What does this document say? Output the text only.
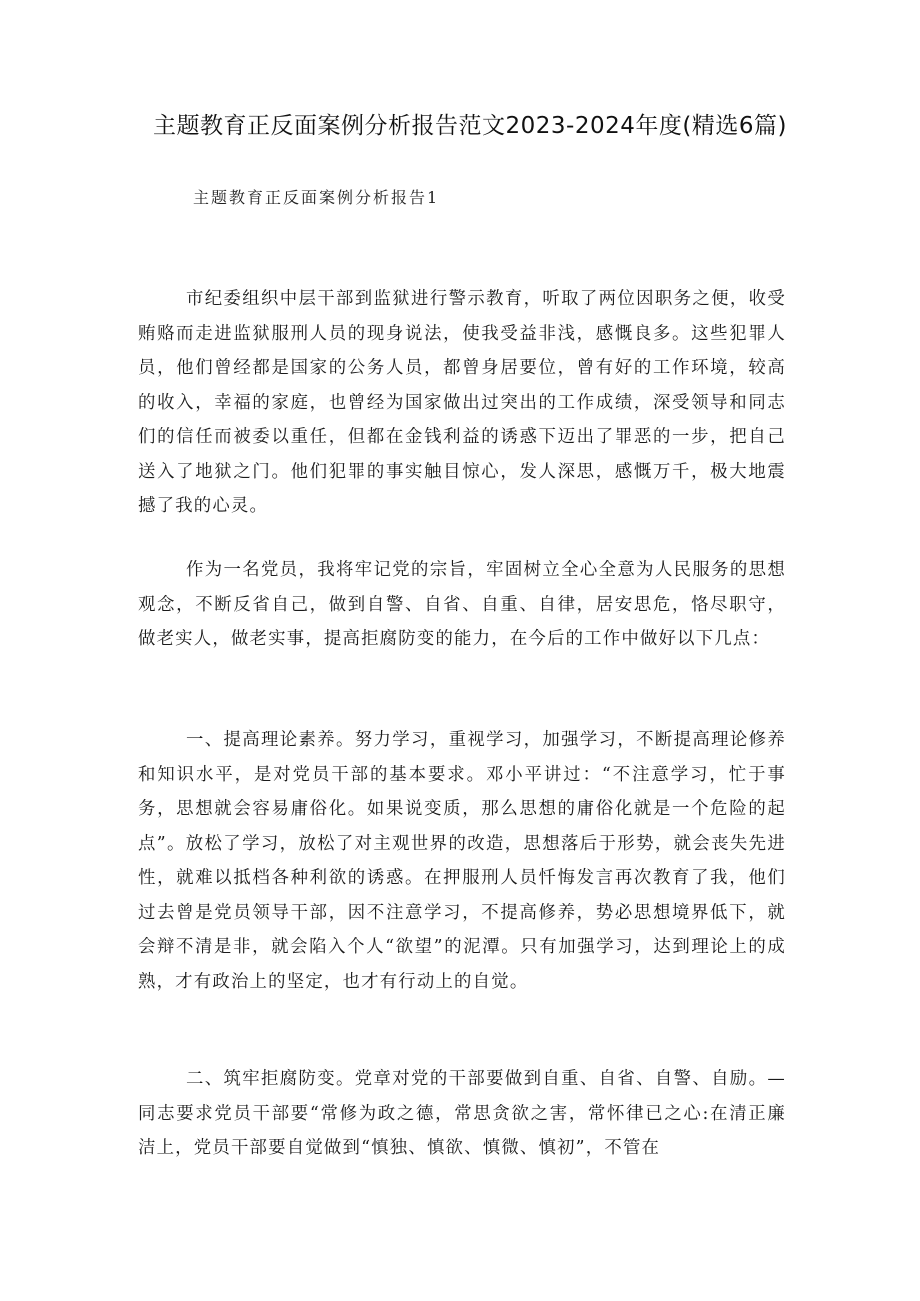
主题教育正反面案例分析报告范文2023-2024年度(精选6篇)
主题教育正反面案例分析报告1

市纪委组织中层干部到监狱进行警示教育，听取了两位因职务之便，收受贿赂而走进监狱服刑人员的现身说法，使我受益非浅，感慨良多。这些犯罪人员，他们曾经都是国家的公务人员，都曾身居要位，曾有好的工作环境，较高的收入，幸福的家庭，也曾经为国家做出过突出的工作成绩，深受领导和同志们的信任而被委以重任，但都在金钱利益的诱惑下迈出了罪恶的一步，把自己送入了地狱之门。他们犯罪的事实触目惊心，发人深思，感慨万千，极大地震撼了我的心灵。

作为一名党员，我将牢记党的宗旨，牢固树立全心全意为人民服务的思想观念，不断反省自己，做到自警、自省、自重、自律，居安思危，恪尽职守，做老实人，做老实事，提高拒腐防变的能力，在今后的工作中做好以下几点：

一、提高理论素养。努力学习，重视学习，加强学习，不断提高理论修养和知识水平，是对党员干部的基本要求。邓小平讲过：“不注意学习，忙于事务，思想就会容易庸俗化。如果说变质，那么思想的庸俗化就是一个危险的起点”。放松了学习，放松了对主观世界的改造，思想落后于形势，就会丧失先进性，就难以抵档各种利欲的诱惑。在押服刑人员忏悔发言再次教育了我，他们过去曾是党员领导干部，因不注意学习，不提高修养，势必思想境界低下，就会辩不清是非，就会陷入个人“欲望”的泥潭。只有加强学习，达到理论上的成熟，才有政治上的坚定，也才有行动上的自觉。

二、筑牢拒腐防变。党章对党的干部要做到自重、自省、自警、自励。—同志要求党员干部要“常修为政之德，常思贪欲之害，常怀律已之心:在清正廉洁上，党员干部要自觉做到“慎独、慎欲、慎微、慎初”，不管在
